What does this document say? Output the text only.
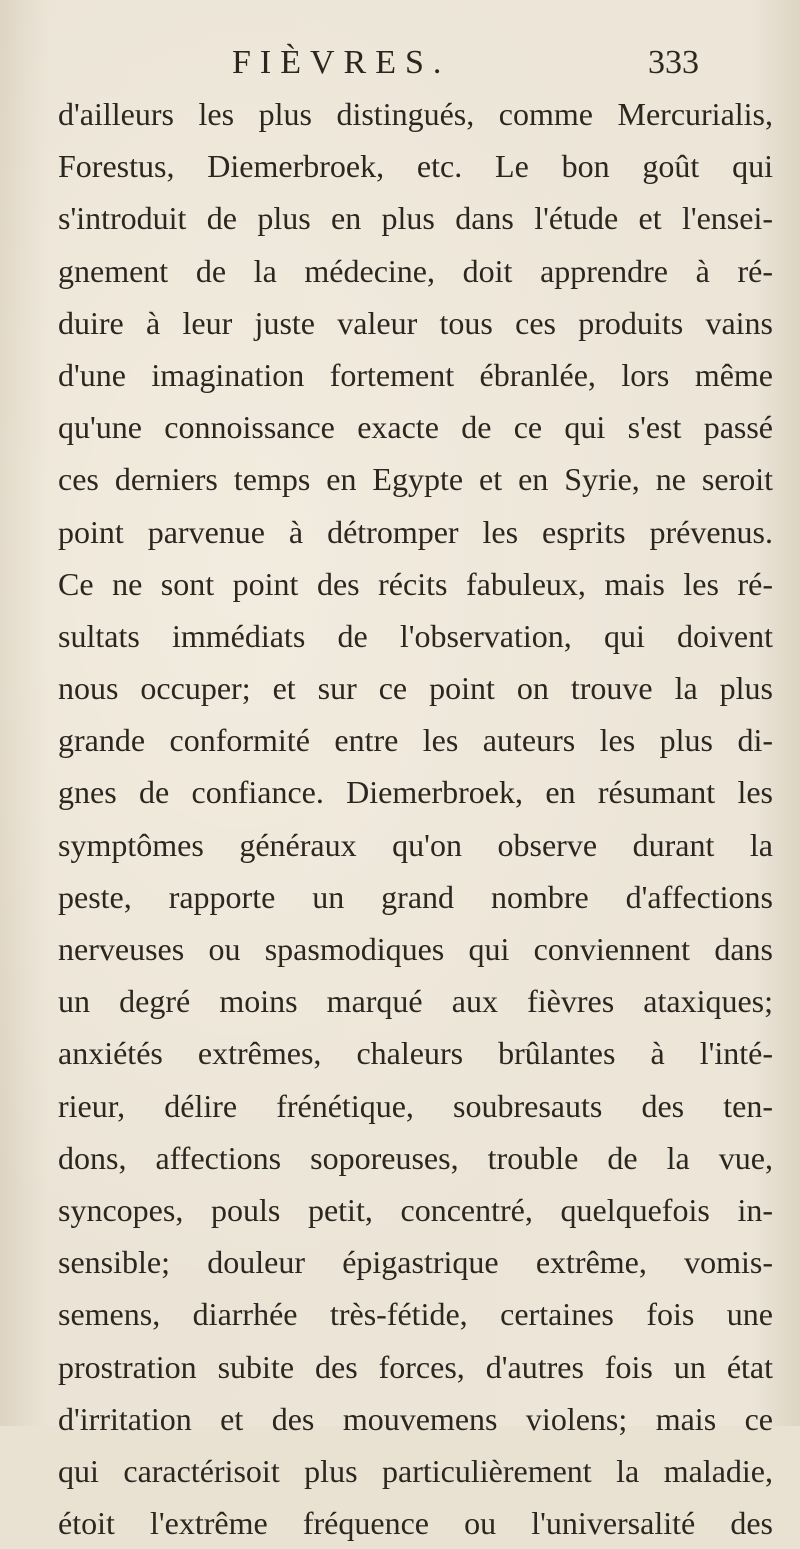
FIÈVRES.	333
d'ailleurs les plus distingués, comme Mercurialis,
Forestus, Diemerbroek, etc. Le bon goût qui
s'introduit de plus en plus dans l'étude et l'ensei-
gnement de la médecine, doit apprendre à ré-
duire à leur juste valeur tous ces produits vains
d'une imagination fortement ébranlée, lors même
qu'une connoissance exacte de ce qui s'est passé
ces derniers temps en Egypte et en Syrie, ne seroit
point parvenue à détromper les esprits prévenus.
Ce ne sont point des récits fabuleux, mais les ré-
sultats immédiats de l'observation, qui doivent
nous occuper; et sur ce point on trouve la plus
grande conformité entre les auteurs les plus di-
gnes de confiance. Diemerbroek, en résumant les
symptômes généraux qu'on observe durant la
peste, rapporte un grand nombre d'affections
nerveuses ou spasmodiques qui conviennent dans
un degré moins marqué aux fièvres ataxiques;
anxiétés extrêmes, chaleurs brûlantes à l'inté-
rieur, délire frénétique, soubresauts des ten-
dons, affections soporeuses, trouble de la vue,
syncopes, pouls petit, concentré, quelquefois in-
sensible; douleur épigastrique extrême, vomis-
semens, diarrhée très-fétide, certaines fois une
prostration subite des forces, d'autres fois un état
d'irritation et des mouvemens violens; mais ce
qui caractérisoit plus particulièrement la maladie,
étoit l'extrême fréquence ou l'universalité des
